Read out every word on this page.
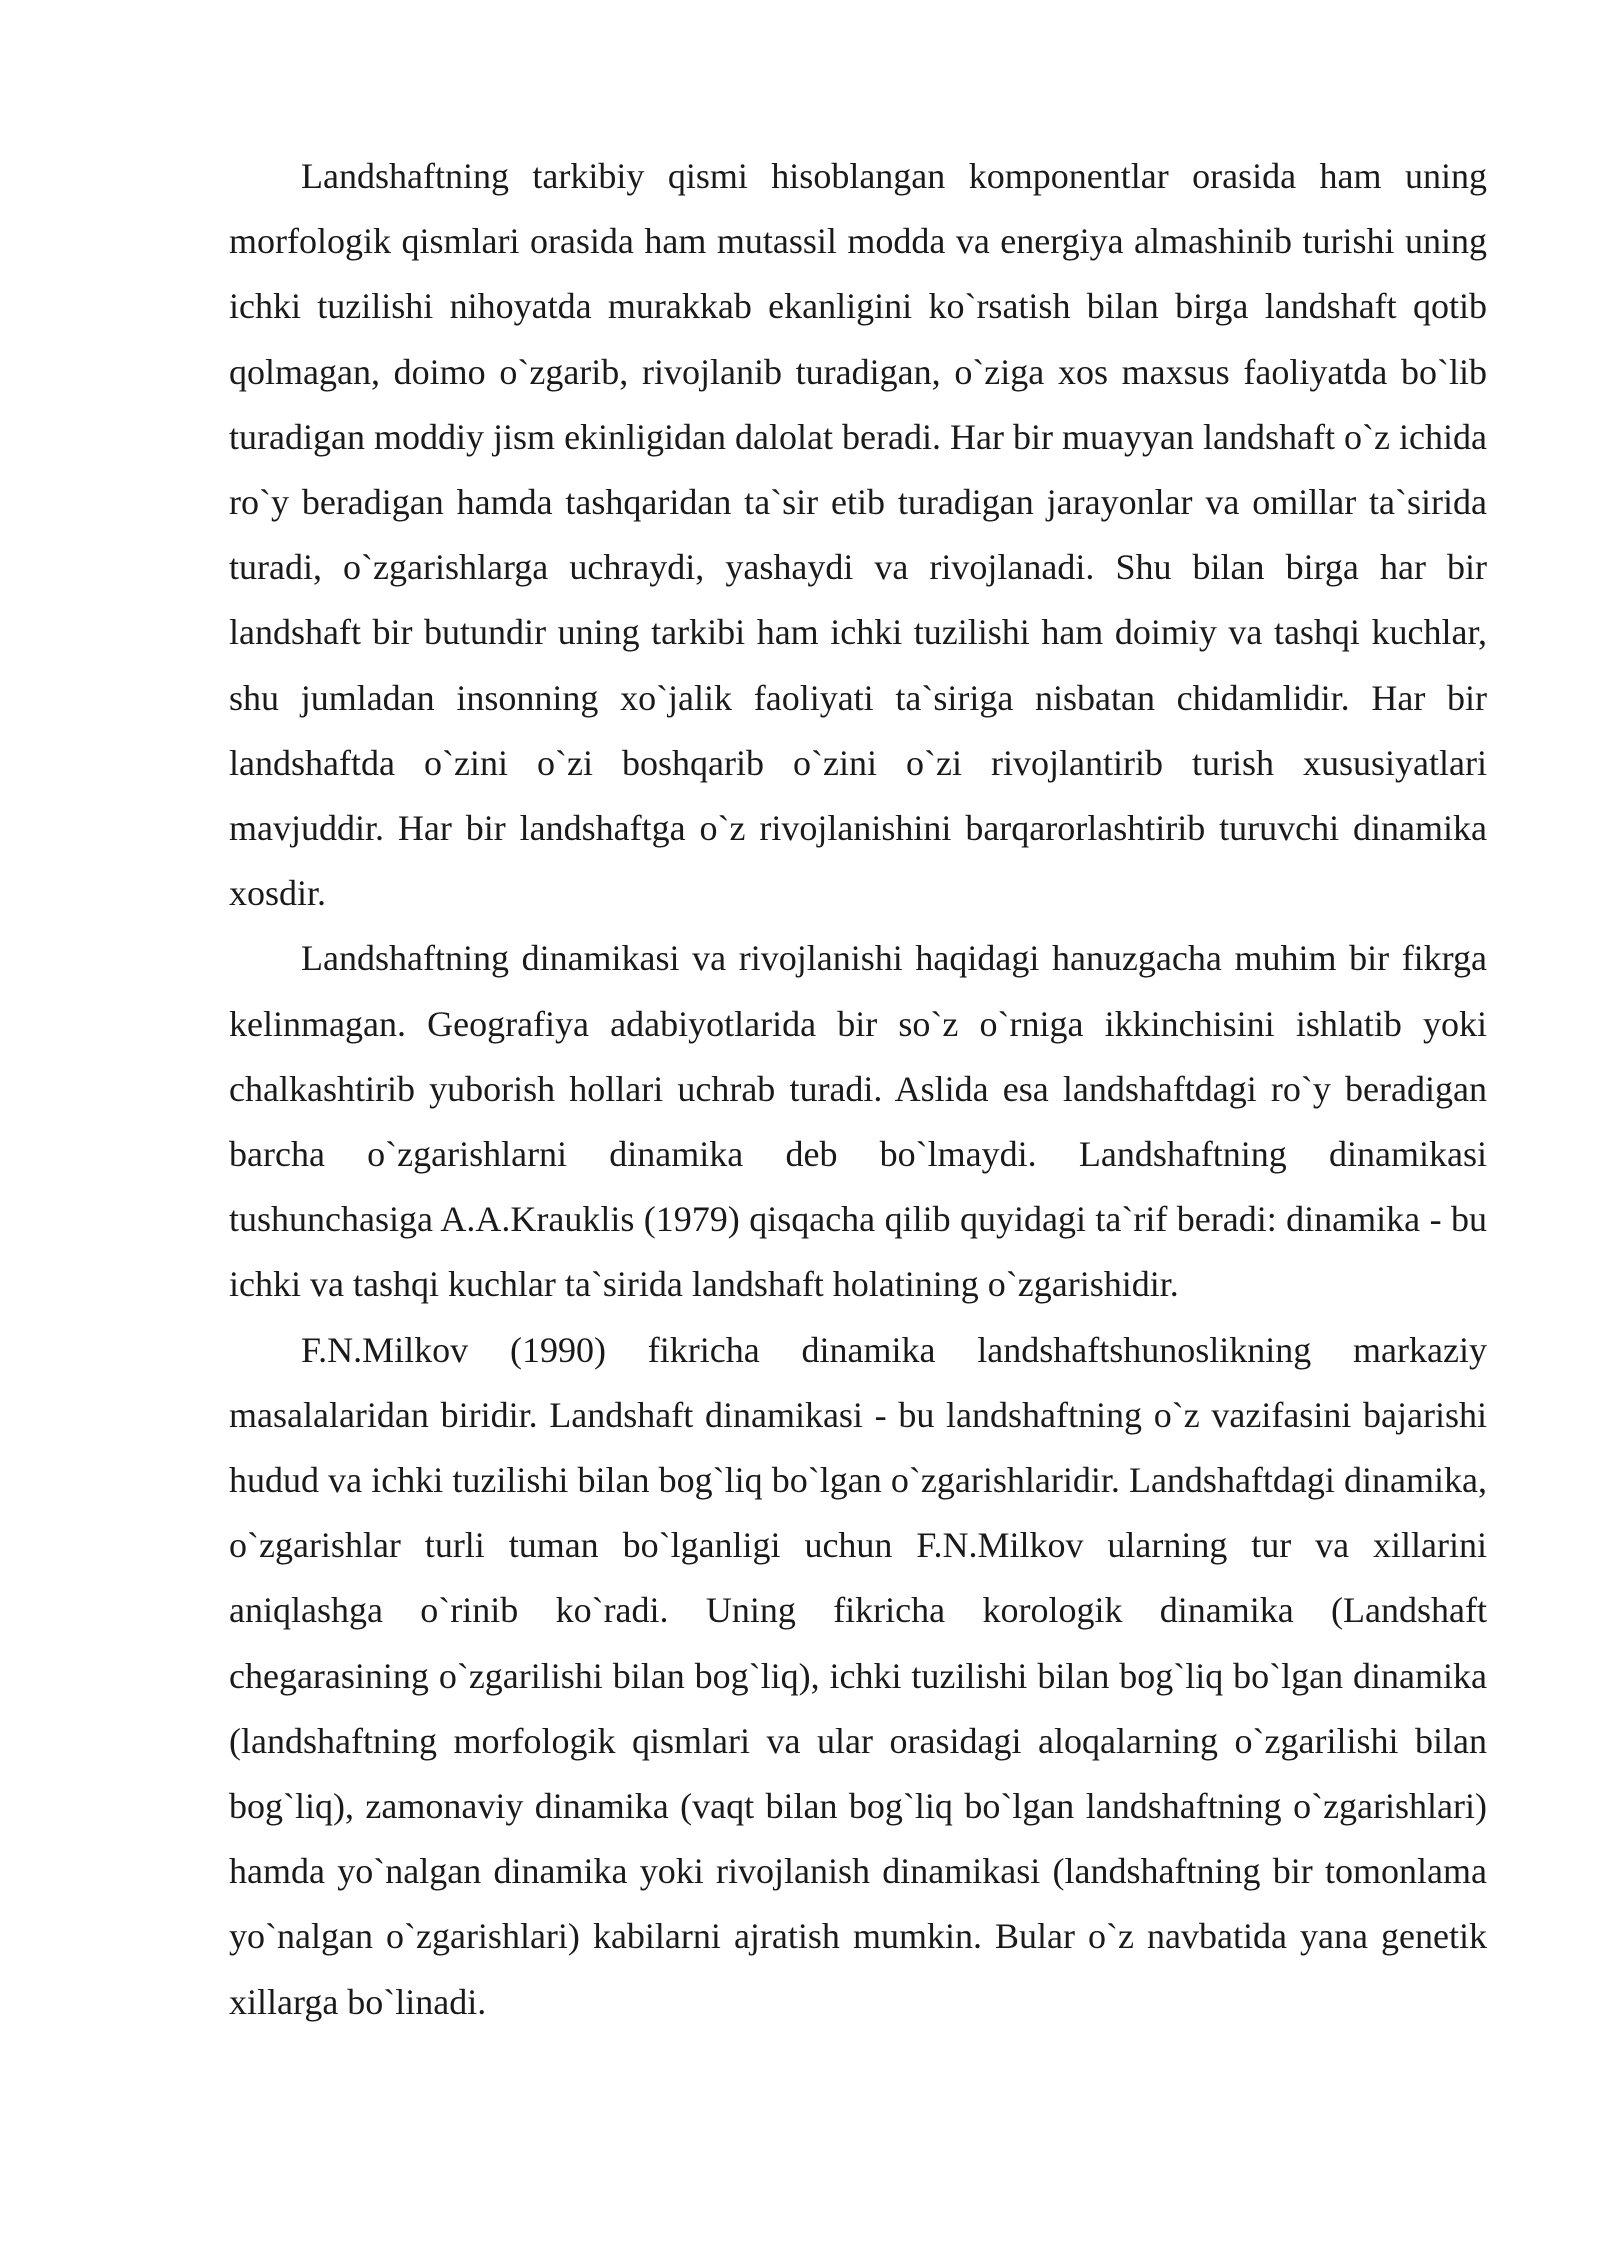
Landshaftning tarkibiy qismi hisoblangan komponentlar orasida ham uning morfologik qismlari orasida ham mutassil modda va energiya almashinib turishi uning ichki tuzilishi nihoyatda murakkab ekanligini ko`rsatish bilan birga landshaft qotib qolmagan, doimo o`zgarib, rivojlanib turadigan, o`ziga xos maxsus faoliyatda bo`lib turadigan moddiy jism ekinligidan dalolat beradi. Har bir muayyan landshaft o`z ichida ro`y beradigan hamda tashqaridan ta`sir etib turadigan jarayonlar va omillar ta`sirida turadi, o`zgarishlarga uchraydi, yashaydi va rivojlanadi. Shu bilan birga har bir landshaft bir butundir uning tarkibi ham ichki tuzilishi ham doimiy va tashqi kuchlar, shu jumladan insonning xo`jalik faoliyati ta`siriga nisbatan chidamlidir. Har bir landshaftda o`zini o`zi boshqarib o`zini o`zi rivojlantirib turish xususiyatlari mavjuddir. Har bir landshaftga o`z rivojlanishini barqarorlashtirib turuvchi dinamika xosdir.

Landshaftning dinamikasi va rivojlanishi haqidagi hanuzgacha muhim bir fikrga kelinmagan. Geografiya adabiyotlarida bir so`z o`rniga ikkinchisini ishlatib yoki chalkashtirib yuborish hollari uchrab turadi. Aslida esa landshaftdagi ro`y beradigan barcha o`zgarishlarni dinamika deb bo`lmaydi. Landshaftning dinamikasi tushunchasiga A.A.Krauklis (1979) qisqacha qilib quyidagi ta`rif beradi: dinamika - bu ichki va tashqi kuchlar ta`sirida landshaft holatining o`zgarishidir.

F.N.Milkov (1990) fikricha dinamika landshaftshunoslikning markaziy masalalaridan biridir. Landshaft dinamikasi - bu landshaftning o`z vazifasini bajarishi hudud va ichki tuzilishi bilan bog`liq bo`lgan o`zgarishlaridir. Landshaftdagi dinamika, o`zgarishlar turli tuman bo`lganligi uchun F.N.Milkov ularning tur va xillarini aniqlashga o`rinib ko`radi. Uning fikricha korologik dinamika (Landshaft chegarasining o`zgarilishi bilan bog`liq), ichki tuzilishi bilan bog`liq bo`lgan dinamika (landshaftning morfologik qismlari va ular orasidagi aloqalarning o`zgarilishi bilan bog`liq), zamonaviy dinamika (vaqt bilan bog`liq bo`lgan landshaftning o`zgarishlari) hamda yo`nalgan dinamika yoki rivojlanish dinamikasi (landshaftning bir tomonlama yo`nalgan o`zgarishlari) kabilarni ajratish mumkin. Bular o`z navbatida yana genetik xillarga bo`linadi.
